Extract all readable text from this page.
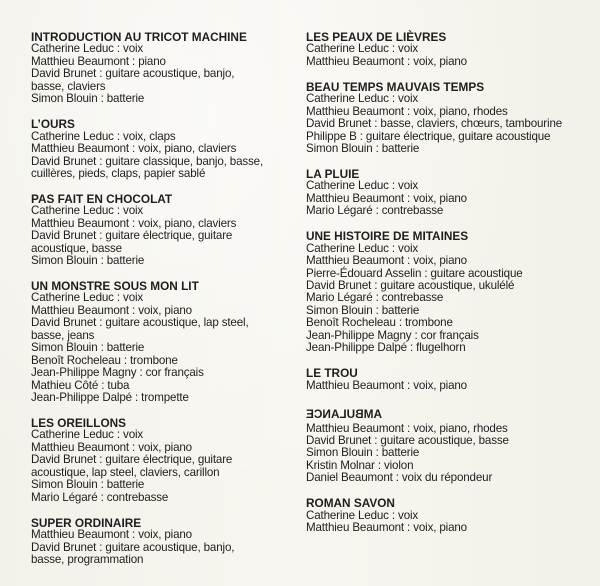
INTRODUCTION AU TRICOT MACHINE
Catherine Leduc : voix
Matthieu Beaumont : piano
David Brunet : guitare acoustique, banjo,
basse, claviers
Simon Blouin : batterie
L’OURS
Catherine Leduc : voix, claps
Matthieu Beaumont : voix, piano, claviers
David Brunet : guitare classique, banjo, basse,
cuillères, pieds, claps, papier sablé
PAS FAIT EN CHOCOLAT
Catherine Leduc : voix
Matthieu Beaumont : voix, piano, claviers
David Brunet : guitare électrique, guitare
acoustique, basse
Simon Blouin : batterie
UN MONSTRE SOUS MON LIT
Catherine Leduc : voix
Matthieu Beaumont : voix, piano
David Brunet : guitare acoustique, lap steel,
basse, jeans
Simon Blouin : batterie
Benoît Rocheleau : trombone
Jean-Philippe Magny : cor français
Mathieu Côté : tuba
Jean-Philippe Dalpé : trompette
LES OREILLONS
Catherine Leduc : voix
Matthieu Beaumont : voix, piano
David Brunet : guitare électrique, guitare
acoustique, lap steel, claviers, carillon
Simon Blouin : batterie
Mario Légaré : contrebasse
SUPER ORDINAIRE
Matthieu Beaumont : voix, piano
David Brunet : guitare acoustique, banjo,
basse, programmation
LES PEAUX DE LIÈVRES
Catherine Leduc : voix
Matthieu Beaumont : voix, piano
BEAU TEMPS MAUVAIS TEMPS
Catherine Leduc : voix
Matthieu Beaumont : voix, piano, rhodes
David Brunet : basse, claviers, chœurs, tambourine
Philippe B : guitare électrique, guitare acoustique
Simon Blouin : batterie
LA PLUIE
Catherine Leduc : voix
Matthieu Beaumont : voix, piano
Mario Légaré : contrebasse
UNE HISTOIRE DE MITAINES
Catherine Leduc : voix
Matthieu Beaumont : voix, piano
Pierre-Édouard Asselin : guitare acoustique
David Brunet : guitare acoustique, ukulélé
Mario Légaré : contrebasse
Simon Blouin : batterie
Benoît Rocheleau : trombone
Jean-Philippe Magny : cor français
Jean-Philippe Dalpé : flugelhorn
LE TROU
Matthieu Beaumont : voix, piano
AMBULANCE
Matthieu Beaumont : voix, piano, rhodes
David Brunet : guitare acoustique, basse
Simon Blouin : batterie
Kristin Molnar : violon
Daniel Beaumont : voix du répondeur
ROMAN SAVON
Catherine Leduc : voix
Matthieu Beaumont : voix, piano
